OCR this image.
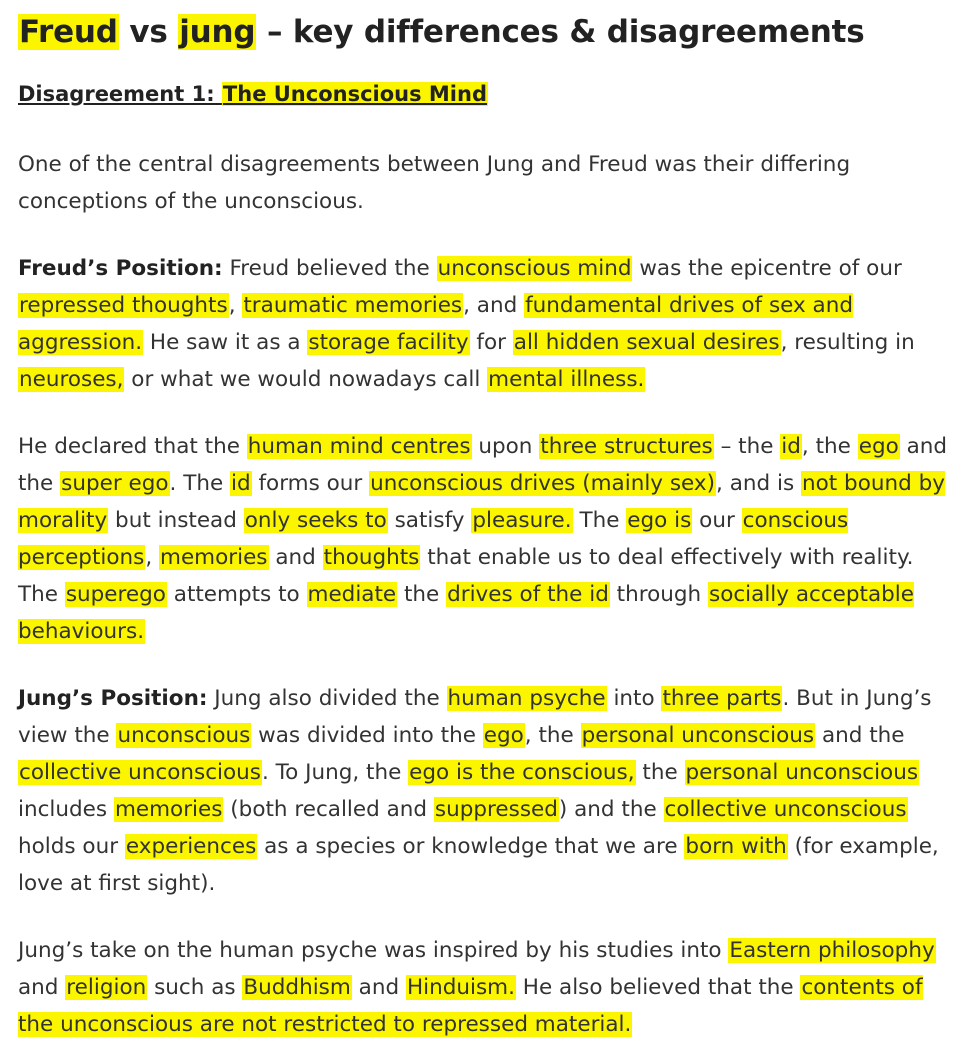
Freud vs jung – key differences & disagreements
Disagreement 1: The Unconscious Mind

One of the central disagreements between Jung and Freud was their differing conceptions of the unconscious.

Freud’s Position: Freud believed the unconscious mind was the epicentre of our repressed thoughts, traumatic memories, and fundamental drives of sex and aggression. He saw it as a storage facility for all hidden sexual desires, resulting in neuroses, or what we would nowadays call mental illness.

He declared that the human mind centres upon three structures – the id, the ego and the super ego. The id forms our unconscious drives (mainly sex), and is not bound by morality but instead only seeks to satisfy pleasure. The ego is our conscious perceptions, memories and thoughts that enable us to deal effectively with reality. The superego attempts to mediate the drives of the id through socially acceptable behaviours.

Jung’s Position: Jung also divided the human psyche into three parts. But in Jung’s view the unconscious was divided into the ego, the personal unconscious and the collective unconscious. To Jung, the ego is the conscious, the personal unconscious includes memories (both recalled and suppressed) and the collective unconscious holds our experiences as a species or knowledge that we are born with (for example, love at first sight).

Jung’s take on the human psyche was inspired by his studies into Eastern philosophy and religion such as Buddhism and Hinduism. He also believed that the contents of the unconscious are not restricted to repressed material.
